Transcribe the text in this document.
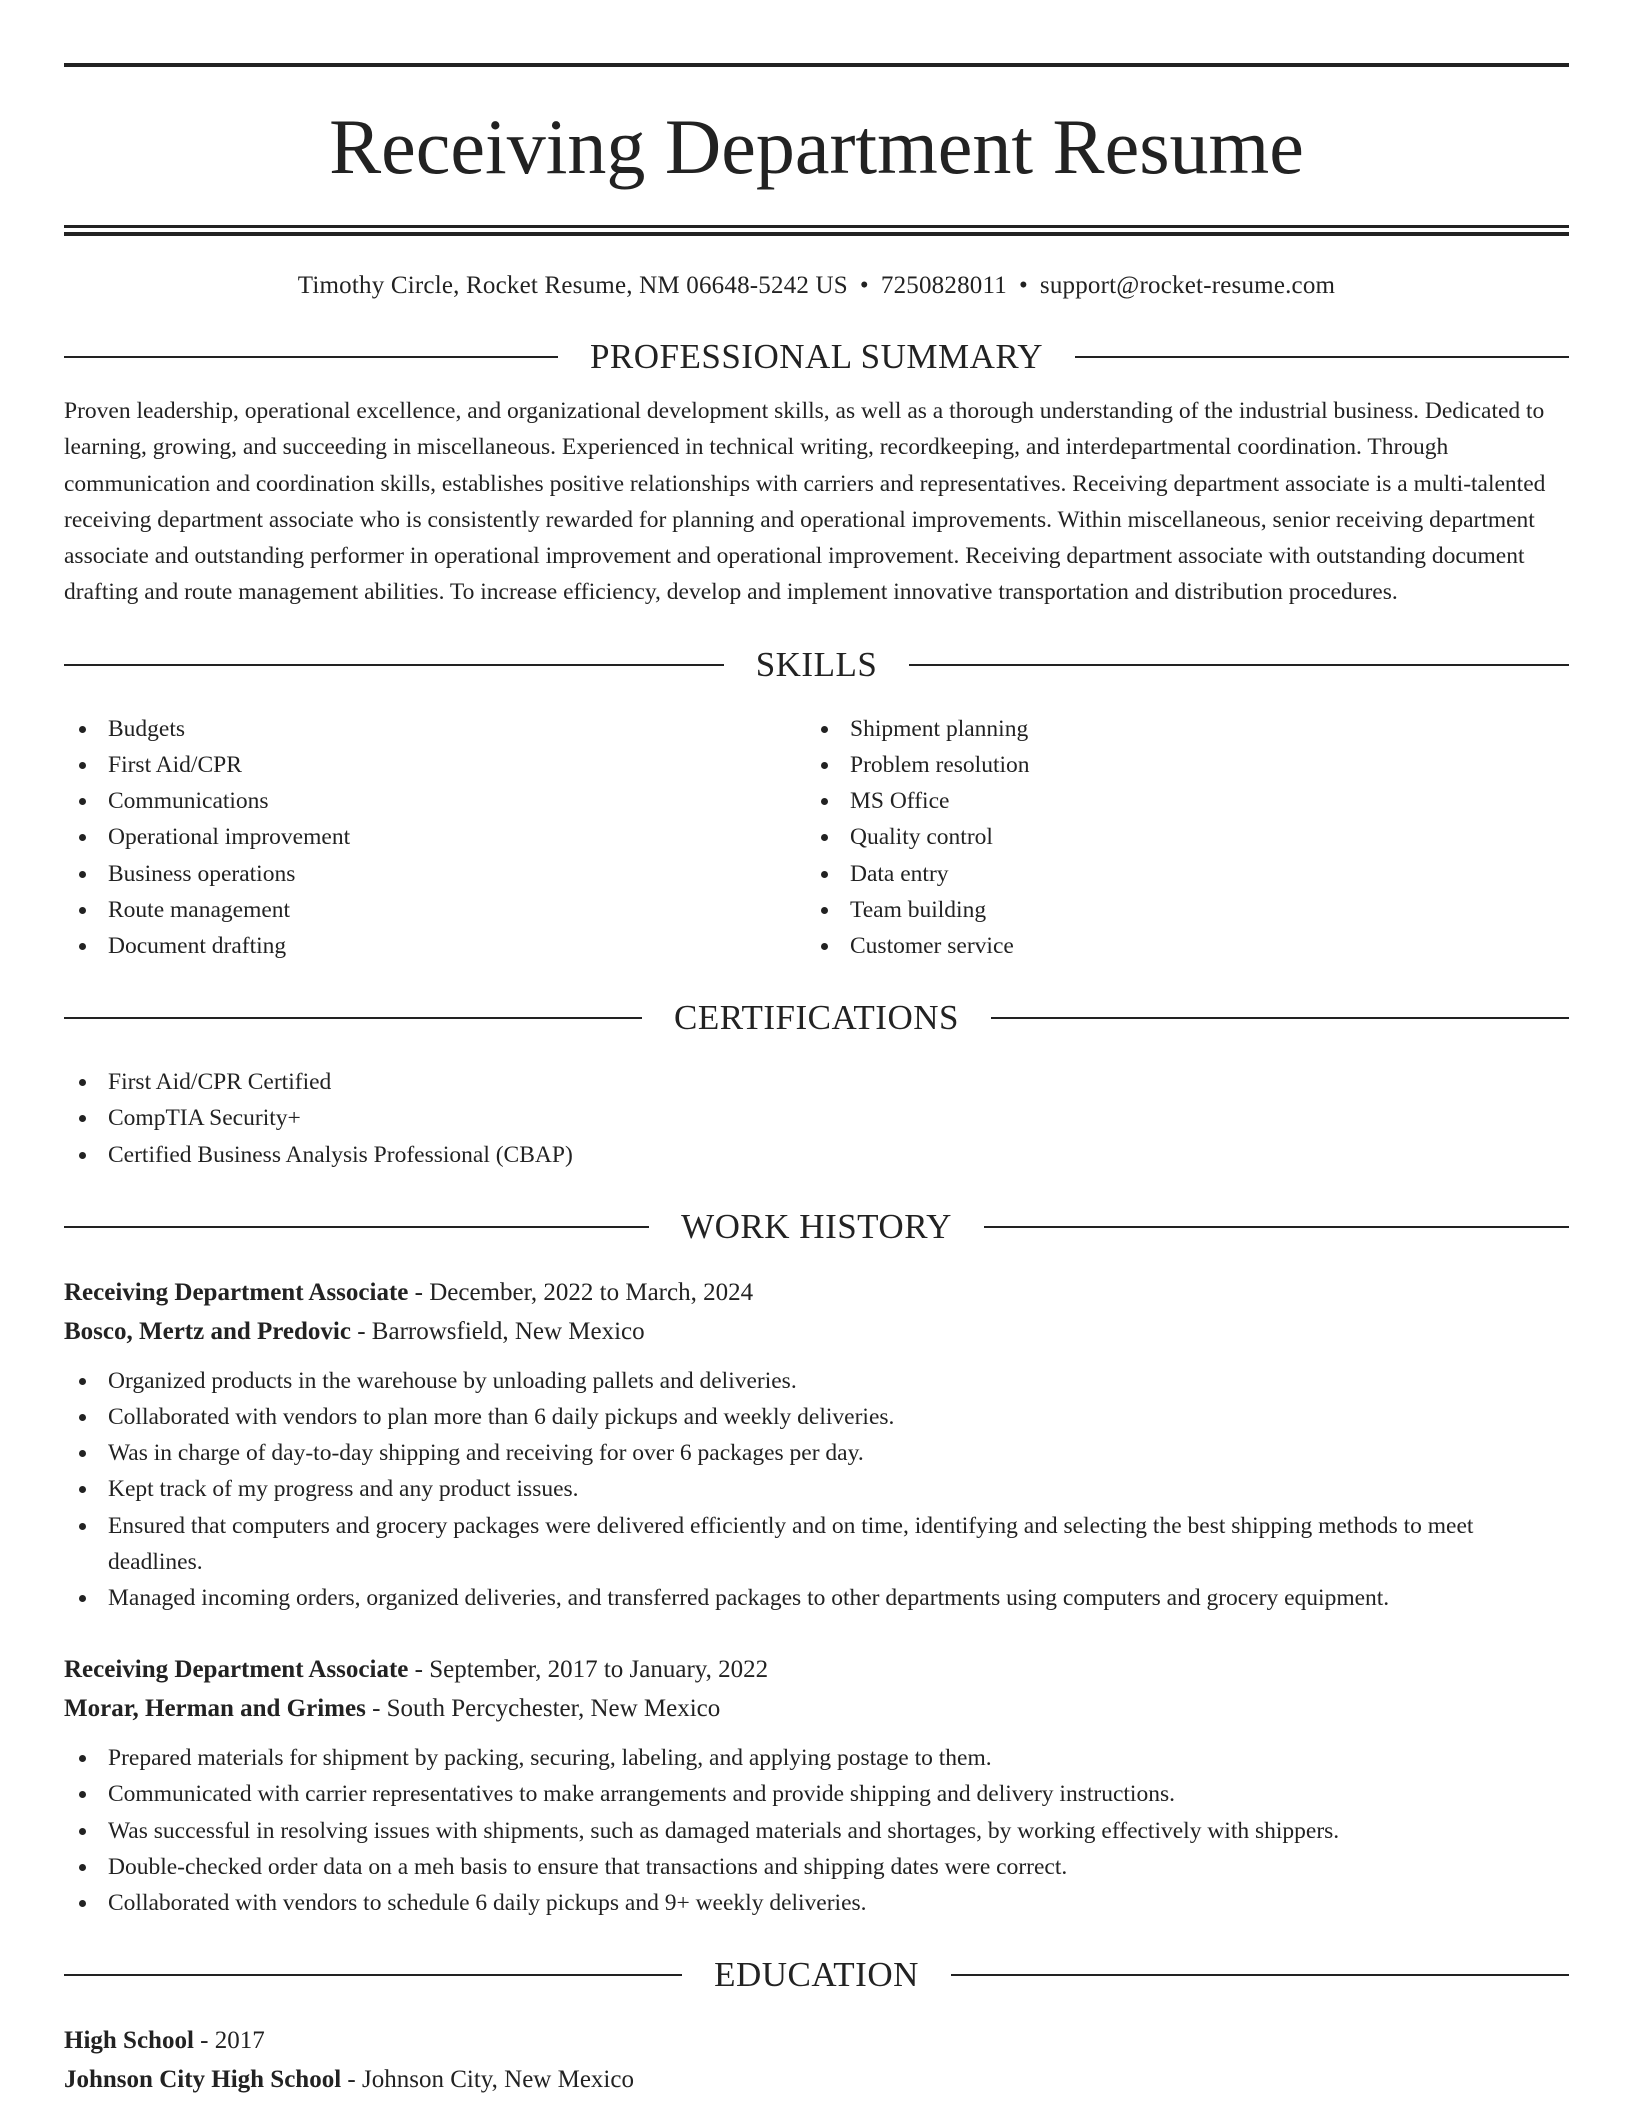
Receiving Department Resume
Timothy Circle, Rocket Resume, NM 06648-5242 US • 7250828011 • support@rocket-resume.com
PROFESSIONAL SUMMARY
Proven leadership, operational excellence, and organizational development skills, as well as a thorough understanding of the industrial business. Dedicated to learning, growing, and succeeding in miscellaneous. Experienced in technical writing, recordkeeping, and interdepartmental coordination. Through communication and coordination skills, establishes positive relationships with carriers and representatives. Receiving department associate is a multi-talented receiving department associate who is consistently rewarded for planning and operational improvements. Within miscellaneous, senior receiving department associate and outstanding performer in operational improvement and operational improvement. Receiving department associate with outstanding document drafting and route management abilities. To increase efficiency, develop and implement innovative transportation and distribution procedures.
SKILLS
Budgets
First Aid/CPR
Communications
Operational improvement
Business operations
Route management
Document drafting
Shipment planning
Problem resolution
MS Office
Quality control
Data entry
Team building
Customer service
CERTIFICATIONS
First Aid/CPR Certified
CompTIA Security+
Certified Business Analysis Professional (CBAP)
WORK HISTORY
Receiving Department Associate - December, 2022 to March, 2024
Bosco, Mertz and Predovic - Barrowsfield, New Mexico
Organized products in the warehouse by unloading pallets and deliveries.
Collaborated with vendors to plan more than 6 daily pickups and weekly deliveries.
Was in charge of day-to-day shipping and receiving for over 6 packages per day.
Kept track of my progress and any product issues.
Ensured that computers and grocery packages were delivered efficiently and on time, identifying and selecting the best shipping methods to meet deadlines.
Managed incoming orders, organized deliveries, and transferred packages to other departments using computers and grocery equipment.
Receiving Department Associate - September, 2017 to January, 2022
Morar, Herman and Grimes - South Percychester, New Mexico
Prepared materials for shipment by packing, securing, labeling, and applying postage to them.
Communicated with carrier representatives to make arrangements and provide shipping and delivery instructions.
Was successful in resolving issues with shipments, such as damaged materials and shortages, by working effectively with shippers.
Double-checked order data on a meh basis to ensure that transactions and shipping dates were correct.
Collaborated with vendors to schedule 6 daily pickups and 9+ weekly deliveries.
EDUCATION
High School - 2017
Johnson City High School - Johnson City, New Mexico
